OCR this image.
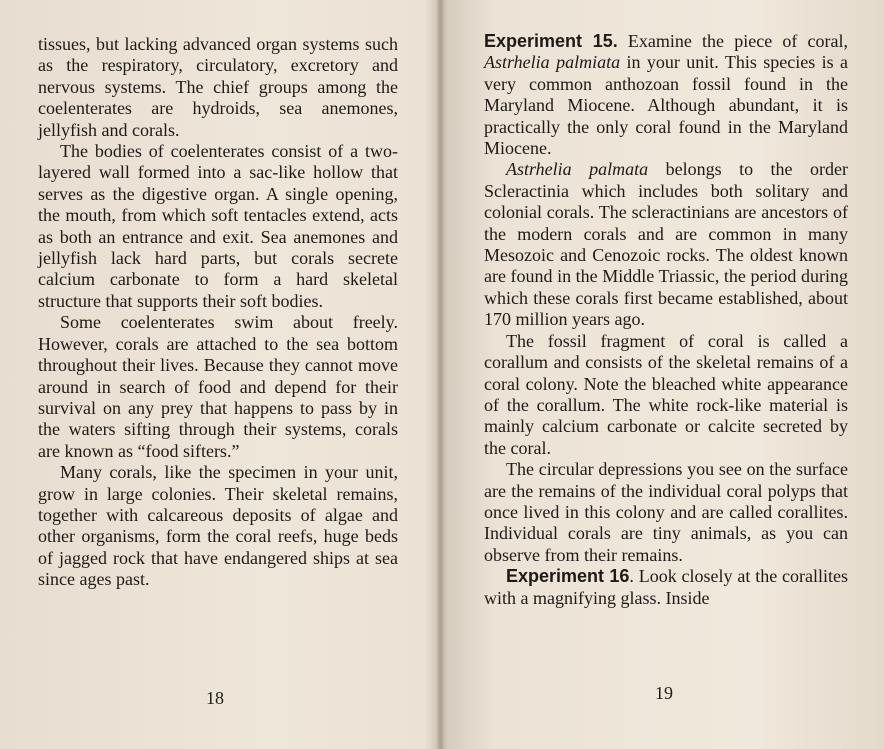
tissues, but lacking advanced organ systems such as the respiratory, circulatory, excretory and nervous systems. The chief groups among the coelenterates are hydroids, sea anemones, jellyfish and corals.

The bodies of coelenterates consist of a two-layered wall formed into a sac-like hollow that serves as the digestive organ. A single opening, the mouth, from which soft tentacles extend, acts as both an entrance and exit. Sea anemones and jellyfish lack hard parts, but corals secrete calcium carbonate to form a hard skeletal structure that supports their soft bodies.

Some coelenterates swim about freely. However, corals are attached to the sea bottom throughout their lives. Because they cannot move around in search of food and depend for their survival on any prey that happens to pass by in the waters sifting through their systems, corals are known as “food sifters.”

Many corals, like the specimen in your unit, grow in large colonies. Their skeletal remains, together with calcareous deposits of algae and other organisms, form the coral reefs, huge beds of jagged rock that have endangered ships at sea since ages past.

18

Experiment 15. Examine the piece of coral, Astrhelia palmiata in your unit. This species is a very common anthozoan fossil found in the Maryland Miocene. Although abundant, it is practically the only coral found in the Maryland Miocene.

Astrhelia palmata belongs to the order Scleractinia which includes both solitary and colonial corals. The scleractinians are ancestors of the modern corals and are common in many Mesozoic and Cenozoic rocks. The oldest known are found in the Middle Triassic, the period during which these corals first became established, about 170 million years ago.

The fossil fragment of coral is called a corallum and consists of the skeletal remains of a coral colony. Note the bleached white appearance of the corallum. The white rock-like material is mainly calcium carbonate or calcite secreted by the coral.

The circular depressions you see on the surface are the remains of the individual coral polyps that once lived in this colony and are called corallites. Individual corals are tiny animals, as you can observe from their remains.

Experiment 16. Look closely at the corallites with a magnifying glass. Inside

19
